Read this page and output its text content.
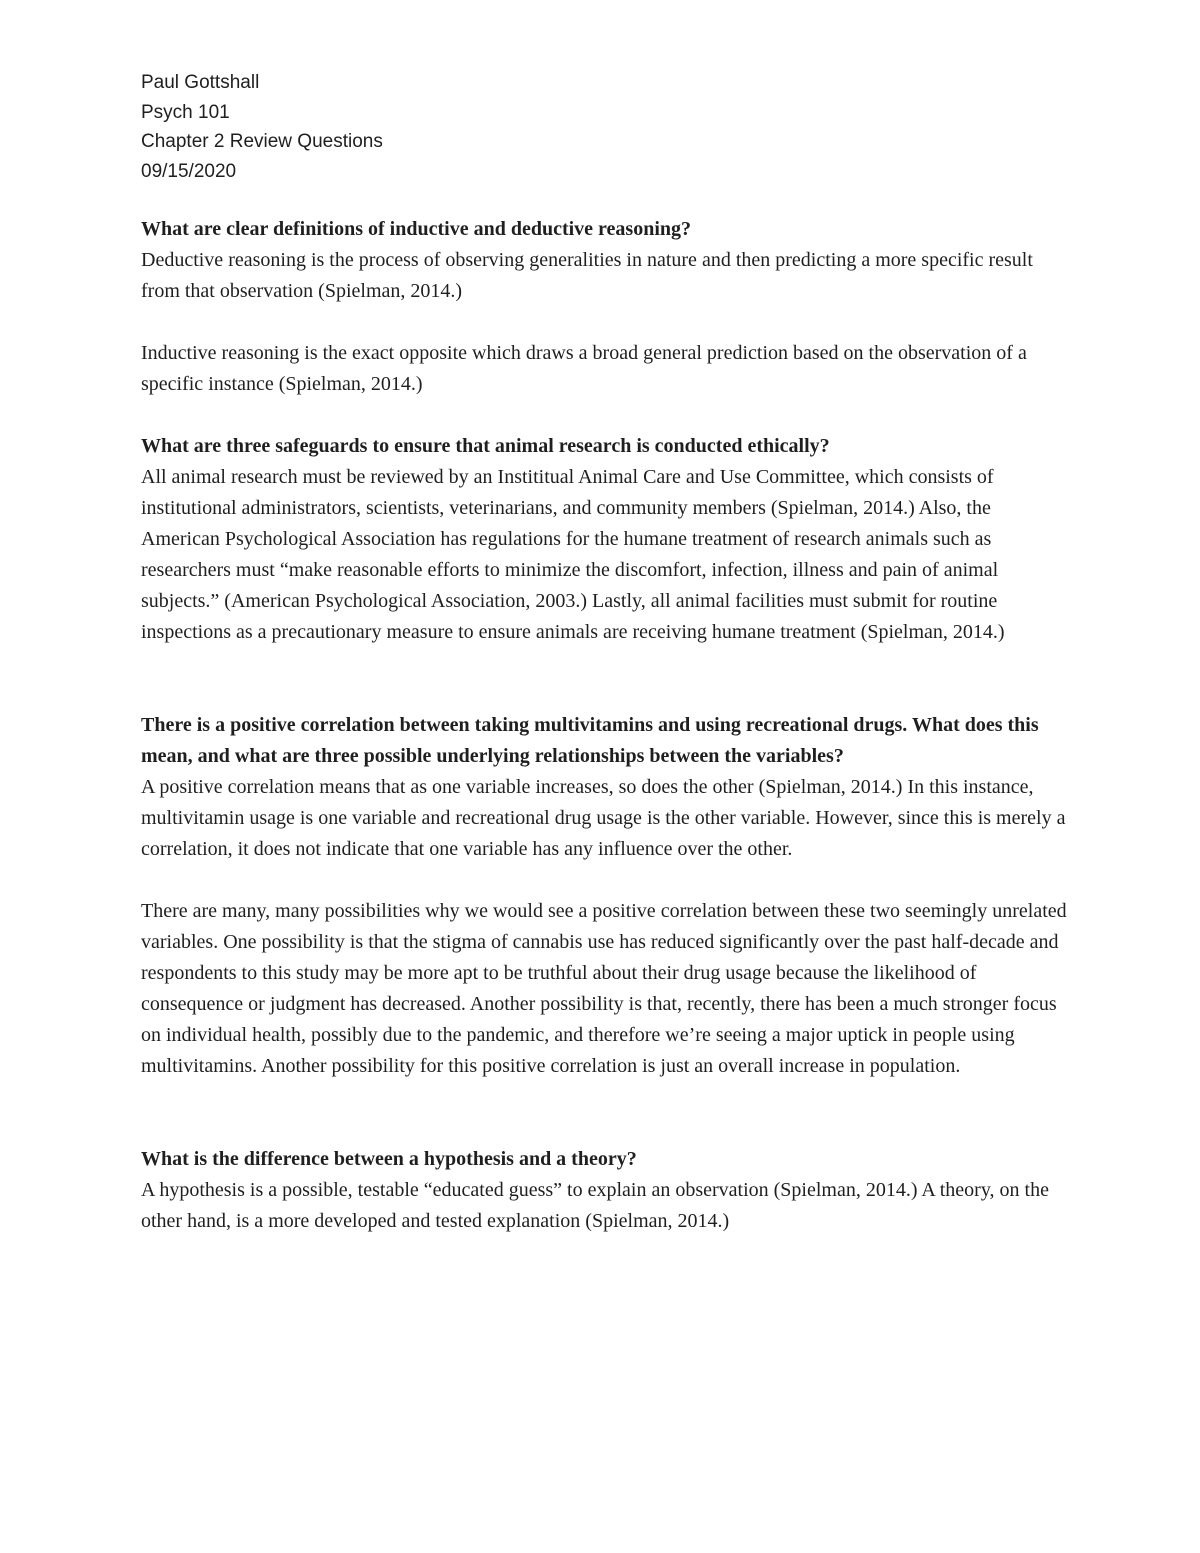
Paul Gottshall

Psych 101

Chapter 2 Review Questions

09/15/2020

What are clear definitions of inductive and deductive reasoning?

Deductive reasoning is the process of observing generalities in nature and then predicting a more specific result from that observation (Spielman, 2014.)

Inductive reasoning is the exact opposite which draws a broad general prediction based on the observation of a specific instance (Spielman, 2014.)

What are three safeguards to ensure that animal research is conducted ethically?

All animal research must be reviewed by an Instititual Animal Care and Use Committee, which consists of institutional administrators, scientists, veterinarians, and community members (Spielman, 2014.) Also, the American Psychological Association has regulations for the humane treatment of research animals such as researchers must “make reasonable efforts to minimize the discomfort, infection, illness and pain of animal subjects.” (American Psychological Association, 2003.) Lastly, all animal facilities must submit for routine inspections as a precautionary measure to ensure animals are receiving humane treatment (Spielman, 2014.)

There is a positive correlation between taking multivitamins and using recreational drugs. What does this mean, and what are three possible underlying relationships between the variables?

A positive correlation means that as one variable increases, so does the other (Spielman, 2014.) In this instance, multivitamin usage is one variable and recreational drug usage is the other variable. However, since this is merely a correlation, it does not indicate that one variable has any influence over the other.

There are many, many possibilities why we would see a positive correlation between these two seemingly unrelated variables. One possibility is that the stigma of cannabis use has reduced significantly over the past half-decade and respondents to this study may be more apt to be truthful about their drug usage because the likelihood of consequence or judgment has decreased. Another possibility is that, recently, there has been a much stronger focus on individual health, possibly due to the pandemic, and therefore we’re seeing a major uptick in people using multivitamins. Another possibility for this positive correlation is just an overall increase in population.

What is the difference between a hypothesis and a theory?

A hypothesis is a possible, testable “educated guess” to explain an observation (Spielman, 2014.) A theory, on the other hand, is a more developed and tested explanation (Spielman, 2014.)
